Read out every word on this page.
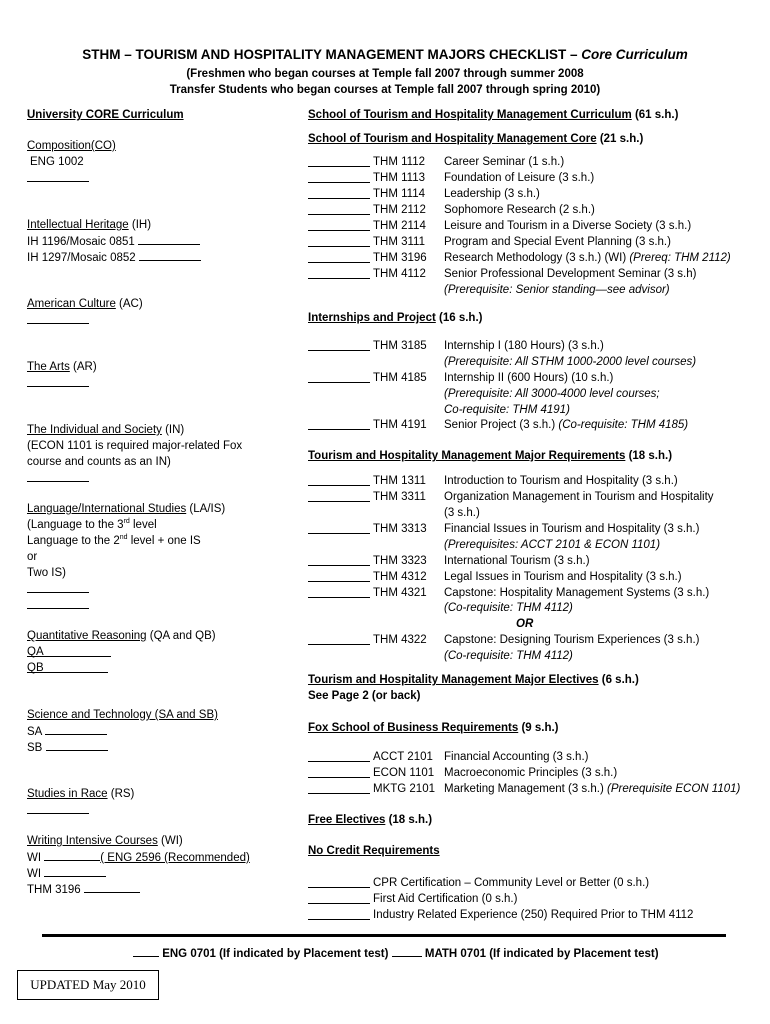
STHM – TOURISM AND HOSPITALITY MANAGEMENT MAJORS CHECKLIST – Core Curriculum
(Freshmen who began courses at Temple fall 2007 through summer 2008
Transfer Students who began courses at Temple fall 2007 through spring 2010)
University CORE Curriculum
Composition(CO)
ENG 1002
Intellectual Heritage (IH)
IH 1196/Mosaic 0851
IH 1297/Mosaic 0852
American Culture (AC)
The Arts (AR)
The Individual and Society (IN)
(ECON 1101 is required major-related Fox
course and counts as an IN)
Language/International Studies (LA/IS)
(Language to the 3rd level
Language to the 2nd level + one IS
or
Two IS)
Quantitative Reasoning (QA and QB)
QA
QB
Science and Technology (SA and SB)
SA
SB
Studies in Race (RS)
Writing Intensive Courses (WI)
WI	( ENG 2596 (Recommended)
WI
THM 3196
School of Tourism and Hospitality Management Curriculum (61 s.h.)
School of Tourism and Hospitality Management Core (21 s.h.)
THM 1112 Career Seminar (1 s.h.)
THM 1113 Foundation of Leisure (3 s.h.)
THM 1114 Leadership (3 s.h.)
THM 2112 Sophomore Research (2 s.h.)
THM 2114 Leisure and Tourism in a Diverse Society (3 s.h.)
THM 3111 Program and Special Event Planning (3 s.h.)
THM 3196 Research Methodology (3 s.h.) (WI) (Prereq: THM 2112)
THM 4112 Senior Professional Development Seminar (3 s.h)
(Prerequisite: Senior standing—see advisor)
Internships and Project (16 s.h.)
THM 3185 Internship I (180 Hours) (3 s.h.)
(Prerequisite: All STHM 1000-2000 level courses)
THM 4185 Internship II (600 Hours) (10 s.h.)
(Prerequisite: All 3000-4000 level courses;
Co-requisite: THM 4191)
THM 4191 Senior Project (3 s.h.) (Co-requisite: THM 4185)
Tourism and Hospitality Management Major Requirements (18 s.h.)
THM 1311 Introduction to Tourism and Hospitality (3 s.h.)
THM 3311 Organization Management in Tourism and Hospitality
(3 s.h.)
THM 3313 Financial Issues in Tourism and Hospitality (3 s.h.)
(Prerequisites: ACCT 2101 & ECON 1101)
THM 3323 International Tourism (3 s.h.)
THM 4312 Legal Issues in Tourism and Hospitality (3 s.h.)
THM 4321 Capstone: Hospitality Management Systems (3 s.h.)
(Co-requisite: THM 4112)
OR
THM 4322 Capstone: Designing Tourism Experiences (3 s.h.)
(Co-requisite: THM 4112)
Tourism and Hospitality Management Major Electives (6 s.h.)
See Page 2 (or back)
Fox School of Business Requirements (9 s.h.)
ACCT 2101 Financial Accounting (3 s.h.)
ECON 1101 Macroeconomic Principles (3 s.h.)
MKTG 2101 Marketing Management (3 s.h.) (Prerequisite ECON 1101)
Free Electives (18 s.h.)
No Credit Requirements
CPR Certification – Community Level or Better (0 s.h.)
First Aid Certification (0 s.h.)
Industry Related Experience (250) Required Prior to THM 4112
ENG 0701 (If indicated by Placement test)	MATH 0701 (If indicated by Placement test)
UPDATED May 2010
